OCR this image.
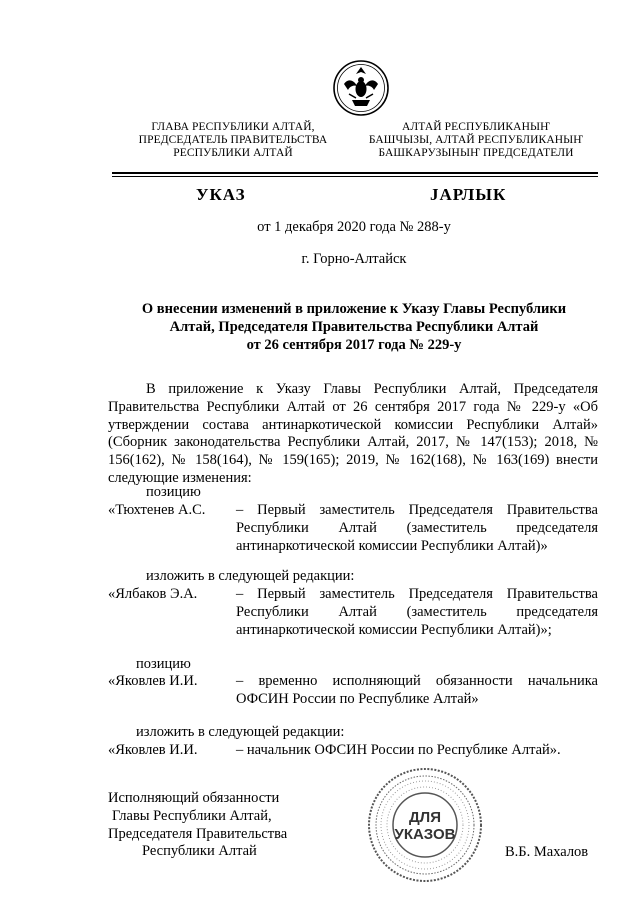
ГЛАВА РЕСПУБЛИКИ АЛТАЙ,
ПРЕДСЕДАТЕЛЬ ПРАВИТЕЛЬСТВА
РЕСПУБЛИКИ АЛТАЙ
АЛТАЙ РЕСПУБЛИКАНЫҤ
БАШЧЫЗЫ, АЛТАЙ РЕСПУБЛИКАНЫҤ
БАШКАРУЗЫНЫҤ ПРЕДСЕДАТЕЛИ
УКАЗ	JАРЛЫК
от 1 декабря 2020 года № 288-у
г. Горно-Алтайск
О внесении изменений в приложение к Указу Главы Республики
Алтай, Председателя Правительства Республики Алтай
от 26 сентября 2017 года № 229-у
В приложение к Указу Главы Республики Алтай, Председателя Правительства Республики Алтай от 26 сентября 2017 года № 229-у «Об утверждении состава антинаркотической комиссии Республики Алтай» (Сборник законодательства Республики Алтай, 2017, № 147(153); 2018, № 156(162), № 158(164), № 159(165); 2019, № 162(168), № 163(169) внести следующие изменения:
позицию
«Тюхтенев А.С. – Первый заместитель Председателя Правительства
Республики Алтай (заместитель председателя антинаркотической комиссии Республики Алтай)»
изложить в следующей редакции:
«Ялбаков Э.А.	– Первый заместитель Председателя Правительства
Республики Алтай (заместитель председателя антинаркотической комиссии Республики Алтай)»;
позицию
«Яковлев И.И.	– временно исполняющий обязанности начальника
ОФСИН России по Республике Алтай»
изложить в следующей редакции:
«Яковлев И.И.	– начальник ОФСИН России по Республике Алтай».
ДЛЯ
УКАЗОВ
Исполняющий обязанности
Главы Республики Алтай,
Председателя Правительства
Республики Алтай	В.Б. Махалов
